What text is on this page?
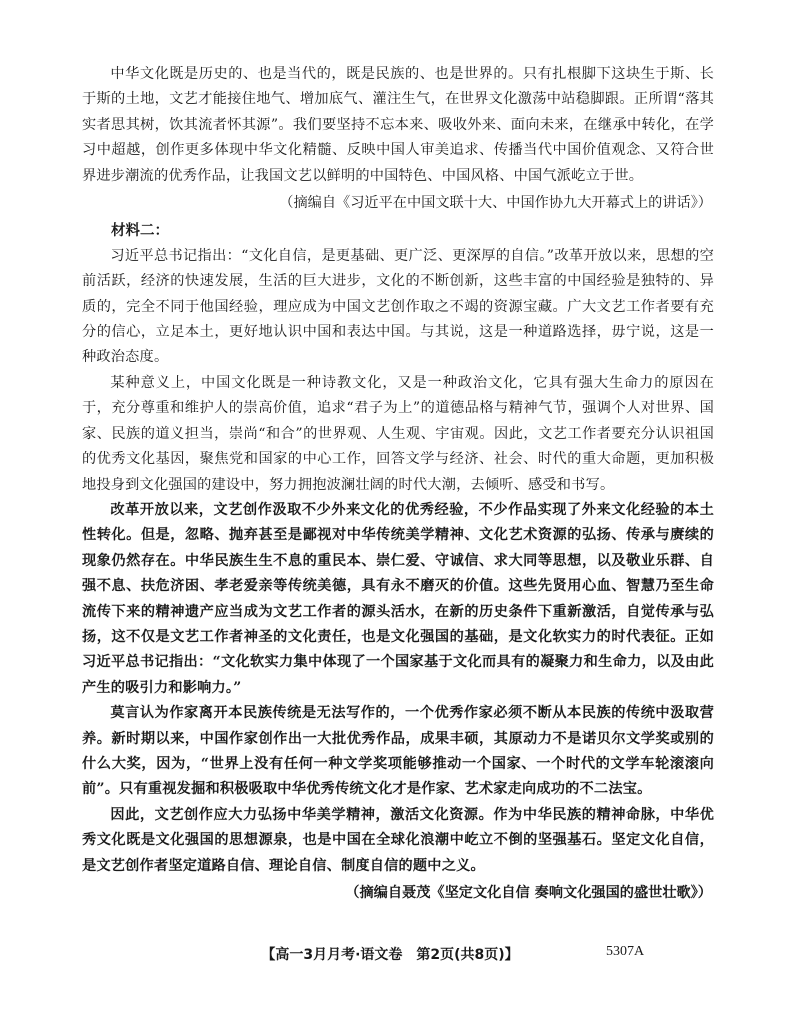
中华文化既是历史的、也是当代的，既是民族的、也是世界的。只有扎根脚下这块生于斯、长于斯的土地，文艺才能接住地气、增加底气、灌注生气，在世界文化激荡中站稳脚跟。正所谓“落其实者思其树，饮其流者怀其源”。我们要坚持不忘本来、吸收外来、面向未来，在继承中转化，在学习中超越，创作更多体现中华文化精髓、反映中国人审美追求、传播当代中国价值观念、又符合世界进步潮流的优秀作品，让我国文艺以鲜明的中国特色、中国风格、中国气派屹立于世。

（摘编自《习近平在中国文联十大、中国作协九大开幕式上的讲话》）
材料二：

习近平总书记指出：“文化自信，是更基础、更广泛、更深厚的自信。”改革开放以来，思想的空前活跃，经济的快速发展，生活的巨大进步，文化的不断创新，这些丰富的中国经验是独特的、异质的，完全不同于他国经验，理应成为中国文艺创作取之不竭的资源宝藏。广大文艺工作者要有充分的信心，立足本土，更好地认识中国和表达中国。与其说，这是一种道路选择，毋宁说，这是一种政治态度。

某种意义上，中国文化既是一种诗教文化，又是一种政治文化，它具有强大生命力的原因在于，充分尊重和维护人的崇高价值，追求“君子为上”的道德品格与精神气节，强调个人对世界、国家、民族的道义担当，崇尚“和合”的世界观、人生观、宇宙观。因此，文艺工作者要充分认识祖国的优秀文化基因，聚焦党和国家的中心工作，回答文学与经济、社会、时代的重大命题，更加积极地投身到文化强国的建设中，努力拥抱波澜壮阔的时代大潮，去倾听、感受和书写。

改革开放以来，文艺创作汲取不少外来文化的优秀经验，不少作品实现了外来文化经验的本土性转化。但是，忽略、抛弃甚至是鄙视对中华传统美学精神、文化艺术资源的弘扬、传承与赓续的现象仍然存在。中华民族生生不息的重民本、崇仁爱、守诚信、求大同等思想，以及敬业乐群、自强不息、扶危济困、孝老爱亲等传统美德，具有永不磨灭的价值。这些先贤用心血、智慧乃至生命流传下来的精神遗产应当成为文艺工作者的源头活水，在新的历史条件下重新激活，自觉传承与弘扬，这不仅是文艺工作者神圣的文化责任，也是文化强国的基础，是文化软实力的时代表征。正如习近平总书记指出：“文化软实力集中体现了一个国家基于文化而具有的凝聚力和生命力，以及由此产生的吸引力和影响力。”

莫言认为作家离开本民族传统是无法写作的，一个优秀作家必须不断从本民族的传统中汲取营养。新时期以来，中国作家创作出一大批优秀作品，成果丰硕，其原动力不是诺贝尔文学奖或别的什么大奖，因为，“世界上没有任何一种文学奖项能够推动一个国家、一个时代的文学车轮滚滚向前”。只有重视发掘和积极吸取中华优秀传统文化才是作家、艺术家走向成功的不二法宝。

因此，文艺创作应大力弘扬中华美学精神，激活文化资源。作为中华民族的精神命脉，中华优秀文化既是文化强国的思想源泉，也是中国在全球化浪潮中屹立不倒的坚强基石。坚定文化自信，是文艺创作者坚定道路自信、理论自信、制度自信的题中之义。

（摘编自聂茂《坚定文化自信 奏响文化强国的盛世壮歌》）
【高一3月月考·语文卷　第2页(共8页)】	5307A
